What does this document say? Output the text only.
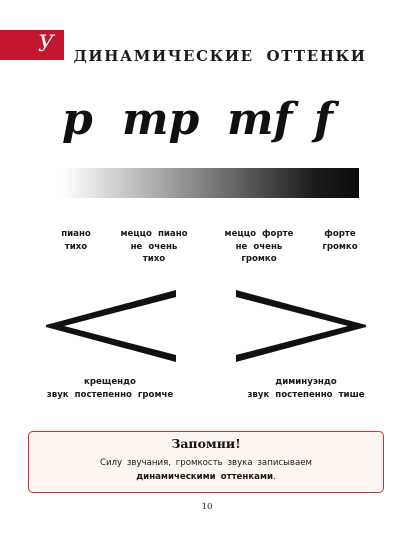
У	ДИНАМИЧЕСКИЕ ОТТЕНКИ
p mp mf f
пиано
тихо
меццо пиано
не очень
тихо
меццо форте
не очень
громко
форте
громко
крещендо
звук постепенно громче
диминуэндо
звук постепенно тише
Запомни!
Силу звучания, громкость звука записываем
динамическими оттенками.
10
